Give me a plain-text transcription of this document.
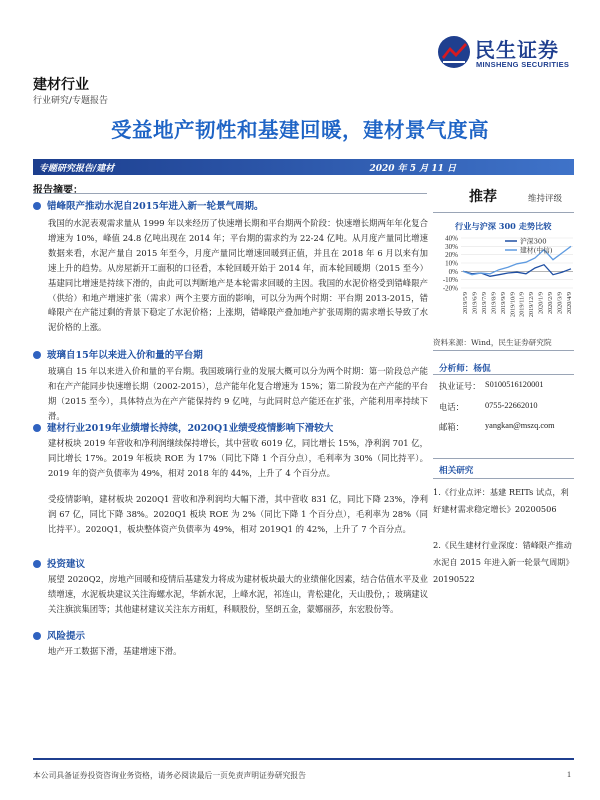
民生证券
MINSHENG SECURITIES
建材行业
行业研究/专题报告
受益地产韧性和基建回暖，建材景气度高
专题研究报告/建材	2020 年 5 月 11 日
报告摘要：
错峰限产推动水泥自2015年进入新一轮景气周期。
我国的水泥表观需求量从 1999 年以来经历了快速增长期和平台期两个阶段：快速增长期两年年化复合增速为 10%，峰值 24.8 亿吨出现在 2014 年；平台期的需求约为 22-24 亿吨。从月度产量同比增速数据来看，水泥产量自 2015 年至今，月度产量同比增速回暖到正值，并且在 2018 年 6 月以来有加速上升的趋势。从房屋新开工面积的口径看，本轮回暖开始于 2014 年，而本轮回暖期（2015 至今）基建同比增速是持续下滑的，由此可以判断地产是本轮需求回暖的主因。我国的水泥价格受到错峰限产（供给）和地产增速扩张（需求）两个主要方面的影响，可以分为两个时期：平台期 2013-2015，错峰限产在产能过剩的背景下稳定了水泥价格；上涨期，错峰限产叠加地产扩张周期的需求增长导致了水泥价格的上涨。
玻璃自15年以来进入价和量的平台期
玻璃自 15 年以来进入价和量的平台期。我国玻璃行业的发展大概可以分为两个时期：第一阶段总产能和在产产能同步快速增长期（2002-2015），总产能年化复合增速为 15%；第二阶段为在产产能的平台期（2015 至今），具体特点为在产产能保持约 9 亿吨，与此同时总产能还在扩张，产能利用率持续下滑。
建材行业2019年业绩增长持续，2020Q1业绩受疫情影响下滑较大
建材板块 2019 年营收和净利润继续保持增长，其中营收 6019 亿，同比增长 15%，净利润 701 亿，同比增长 17%。2019 年板块 ROE 为 17%（同比下降 1 个百分点），毛利率为 30%（同比持平）。2019 年的资产负债率为 49%，相对 2018 年的 44%，上升了 4 个百分点。
受疫情影响，建材板块 2020Q1 营收和净利润均大幅下滑，其中营收 831 亿，同比下降 23%，净利润 67 亿，同比下降 38%。2020Q1 板块 ROE 为 2%（同比下降 1 个百分点），毛利率为 28%（同比持平）。2020Q1，板块整体资产负债率为 49%，相对 2019Q1 的 42%，上升了 7 个百分点。
投资建议
展望 2020Q2，房地产回暖和疫情后基建发力将成为建材板块最大的业绩催化因素，结合估值水平及业绩增速，水泥板块建议关注海螺水泥，华新水泥，上峰水泥，祁连山，青松建化，天山股份，；玻璃建议关注旗滨集团等；其他建材建议关注东方雨虹，科顺股份，坚朗五金，蒙娜丽莎，东宏股份等。
风险提示
地产开工数据下滑，基建增速下滑。
推荐	维持评级
行业与沪深 300 走势比较
40%
30%
20%
10%
0%
-10%
-20%
2019/5/9 2019/6/9 2019/7/9 2019/8/9 2019/9/9 2019/10/9 2019/11/9 2019/12/9 2020/1/9 2020/2/9 2020/3/9 2020/4/9
沪深300
建材(中信)
资料来源：Wind，民生证券研究院
分析师：杨侃
执业证号： S0100516120001
电话：	0755-22662010
邮箱：	yangkan@mszq.com
相关研究
1.《行业点评：基建 REITs 试点，利好建材需求稳定增长》20200506
2.《民生建材行业深度：错峰限产推动水泥自 2015 年进入新一轮景气周期》20190522
本公司具备证券投资咨询业务资格，请务必阅读最后一页免责声明证券研究报告	1
